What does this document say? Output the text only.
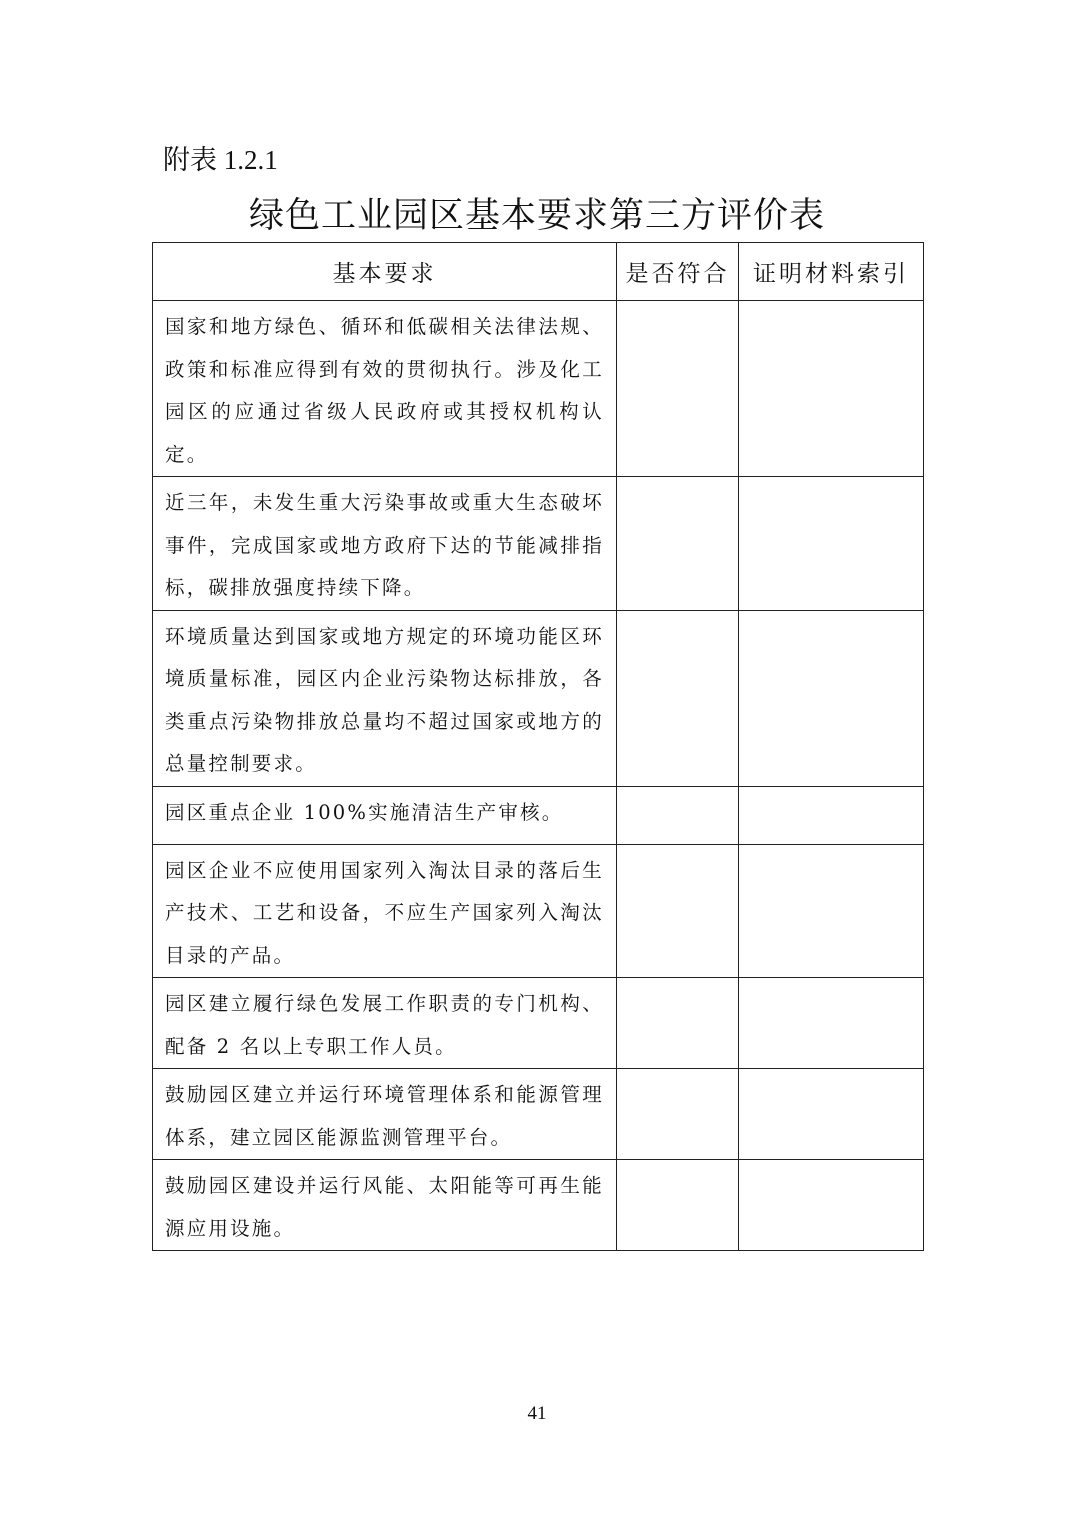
附表 1.2.1
绿色工业园区基本要求第三方评价表
基本要求	是否符合	证明材料索引
国家和地方绿色、循环和低碳相关法律法规、政策和标准应得到有效的贯彻执行。涉及化工园区的应通过省级人民政府或其授权机构认定。		
近三年，未发生重大污染事故或重大生态破坏事件，完成国家或地方政府下达的节能减排指标，碳排放强度持续下降。		
环境质量达到国家或地方规定的环境功能区环境质量标准，园区内企业污染物达标排放，各类重点污染物排放总量均不超过国家或地方的总量控制要求。		
园区重点企业 100%实施清洁生产审核。		
园区企业不应使用国家列入淘汰目录的落后生产技术、工艺和设备，不应生产国家列入淘汰目录的产品。		
园区建立履行绿色发展工作职责的专门机构、配备 2 名以上专职工作人员。		
鼓励园区建立并运行环境管理体系和能源管理体系，建立园区能源监测管理平台。		
鼓励园区建设并运行风能、太阳能等可再生能源应用设施。		
41
